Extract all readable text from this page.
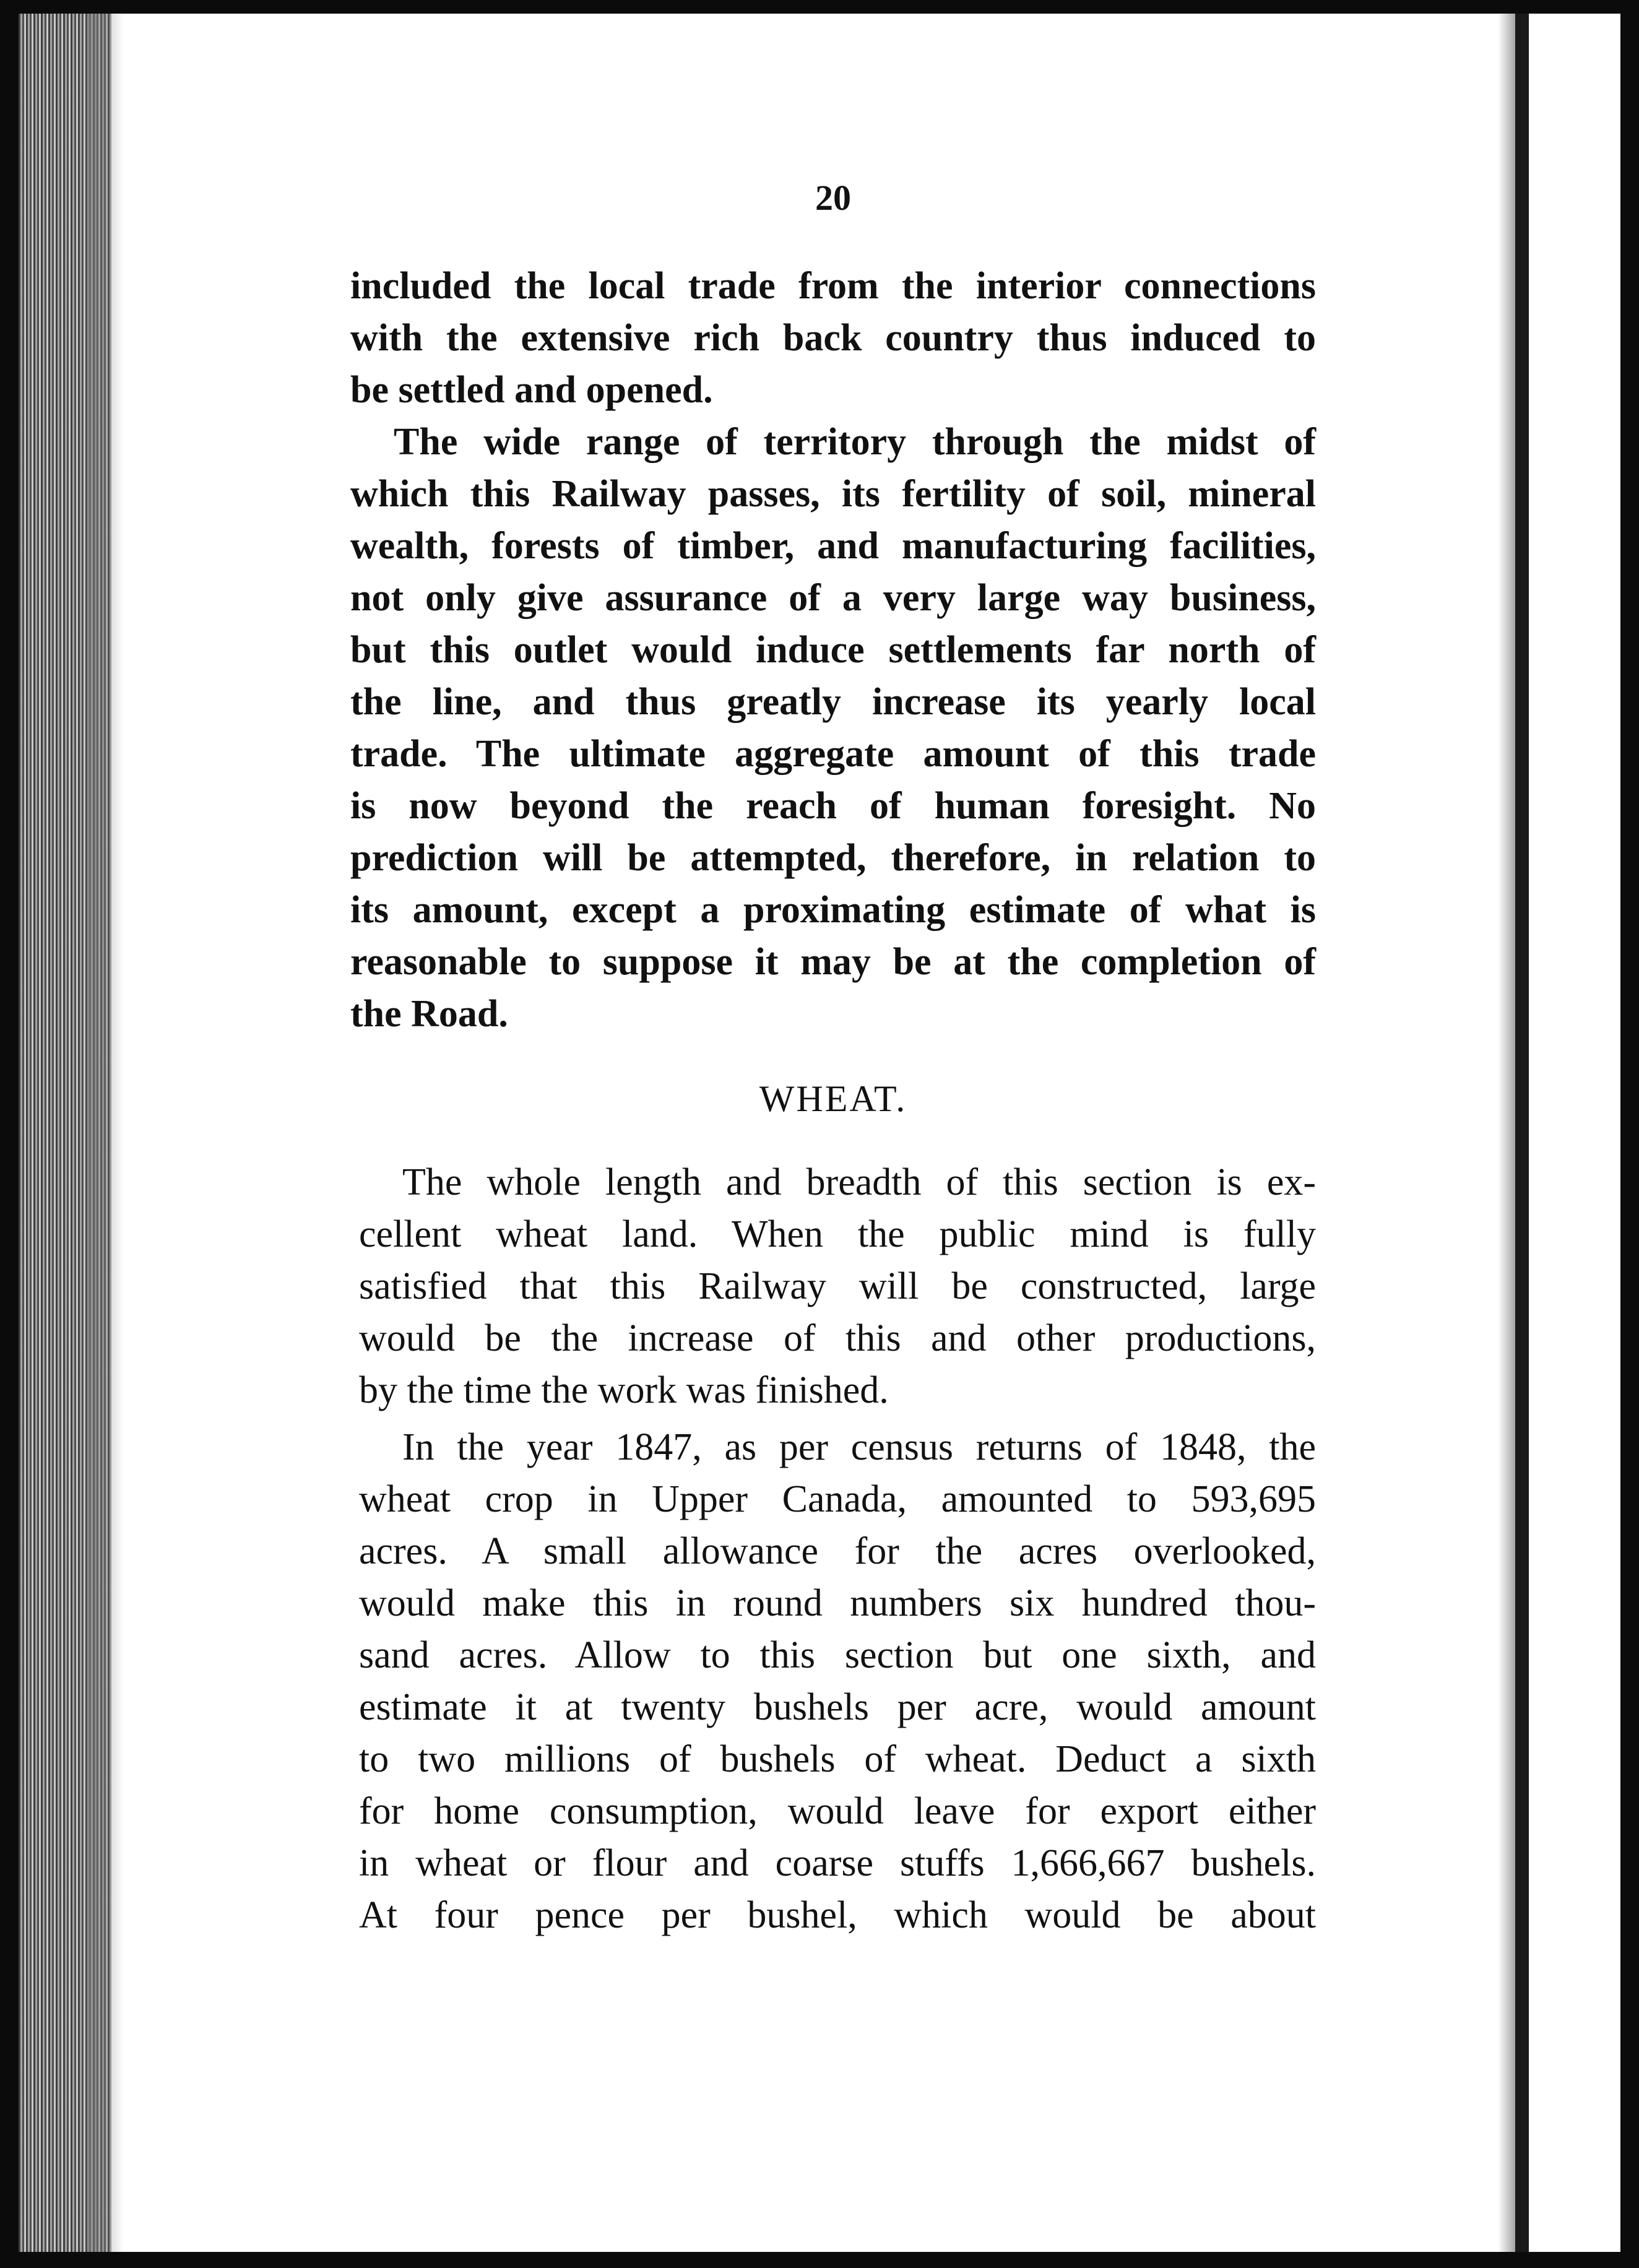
20
included the local trade from the interior connections
with the extensive rich back country thus induced to
be settled and opened.
The wide range of territory through the midst of
which this Railway passes, its fertility of soil, mineral
wealth, forests of timber, and manufacturing facilities,
not only give assurance of a very large way business,
but this outlet would induce settlements far north of
the line, and thus greatly increase its yearly local
trade. The ultimate aggregate amount of this trade
is now beyond the reach of human foresight. No
prediction will be attempted, therefore, in relation to
its amount, except a proximating estimate of what is
reasonable to suppose it may be at the completion of
the Road.
WHEAT.
The whole length and breadth of this section is ex-
cellent wheat land. When the public mind is fully
satisfied that this Railway will be constructed, large
would be the increase of this and other productions,
by the time the work was finished.
In the year 1847, as per census returns of 1848, the
wheat crop in Upper Canada, amounted to 593,695
acres. A small allowance for the acres overlooked,
would make this in round numbers six hundred thou-
sand acres. Allow to this section but one sixth, and
estimate it at twenty bushels per acre, would amount
to two millions of bushels of wheat. Deduct a sixth
for home consumption, would leave for export either
in wheat or flour and coarse stuffs 1,666,667 bushels.
At four pence per bushel, which would be about
